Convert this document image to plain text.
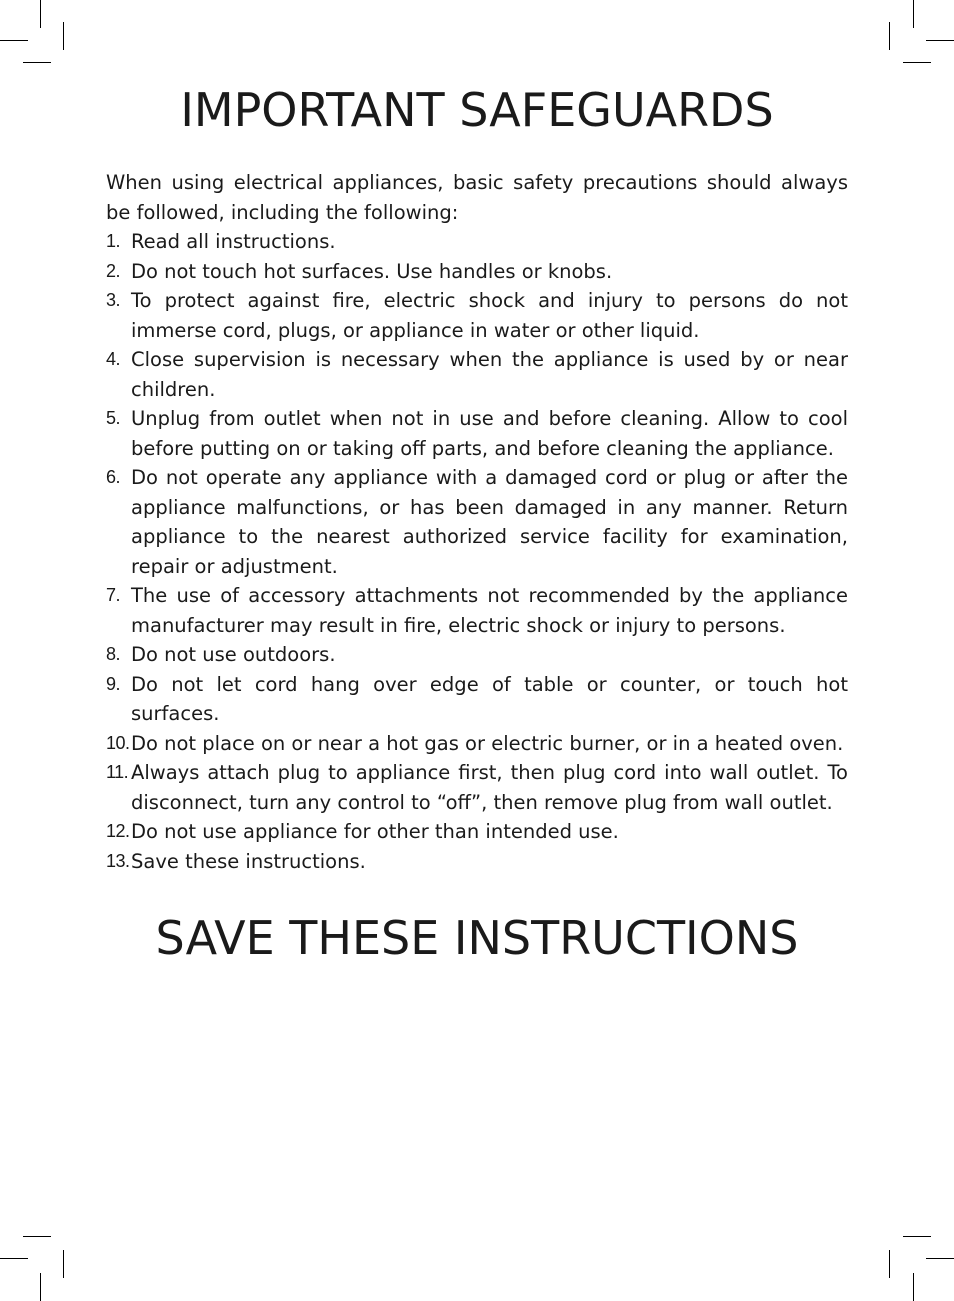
IMPORTANT SAFEGUARDS

When using electrical appliances, basic safety precautions should always be followed, including the following:

1. Read all instructions.
2. Do not touch hot surfaces. Use handles or knobs.
3. To protect against fire, electric shock and injury to persons do not immerse cord, plugs, or appliance in water or other liquid.
4. Close supervision is necessary when the appliance is used by or near children.
5. Unplug from outlet when not in use and before cleaning. Allow to cool before putting on or taking off parts, and before cleaning the appliance.
6. Do not operate any appliance with a damaged cord or plug or after the appliance malfunctions, or has been damaged in any manner. Return appliance to the nearest authorized service facility for examination, repair or adjustment.
7. The use of accessory attachments not recommended by the appliance manufacturer may result in fire, electric shock or injury to persons.
8. Do not use outdoors.
9. Do not let cord hang over edge of table or counter, or touch hot surfaces.
10. Do not place on or near a hot gas or electric burner, or in a heated oven.
11. Always attach plug to appliance first, then plug cord into wall outlet. To disconnect, turn any control to “off”, then remove plug from wall outlet.
12. Do not use appliance for other than intended use.
13. Save these instructions.
SAVE THESE INSTRUCTIONS
